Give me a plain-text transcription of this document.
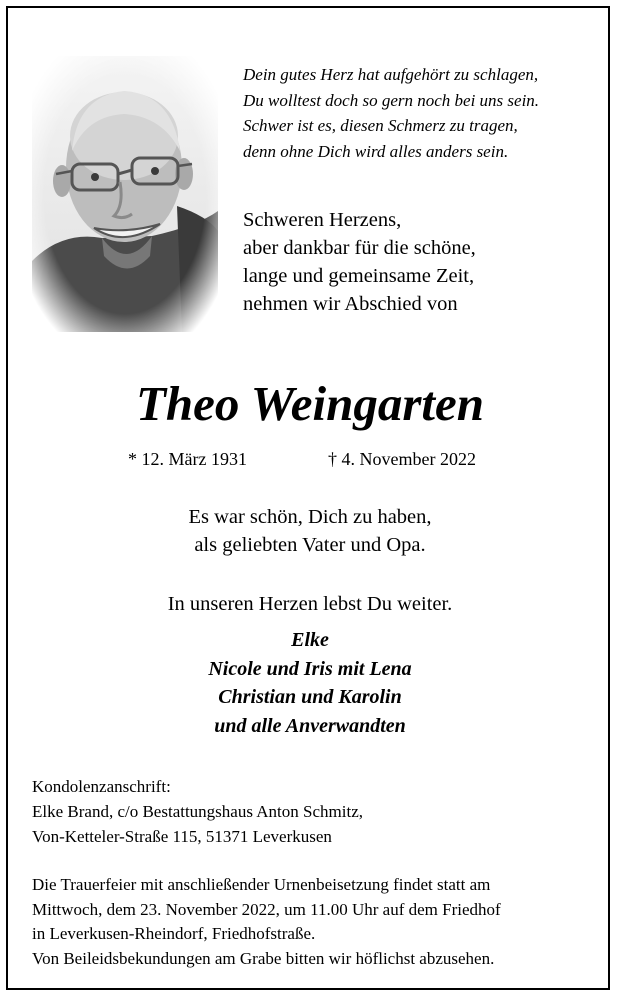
Dein gutes Herz hat aufgehört zu schlagen,
Du wolltest doch so gern noch bei uns sein.
Schwer ist es, diesen Schmerz zu tragen,
denn ohne Dich wird alles anders sein.
Schweren Herzens,
aber dankbar für die schöne,
lange und gemeinsame Zeit,
nehmen wir Abschied von
Theo Weingarten
* 12. März 1931	† 4. November 2022
Es war schön, Dich zu haben,
als geliebten Vater und Opa.
In unseren Herzen lebst Du weiter.
Elke
Nicole und Iris mit Lena
Christian und Karolin
und alle Anverwandten
Kondolenzanschrift:
Elke Brand, c/o Bestattungshaus Anton Schmitz,
Von-Ketteler-Straße 115, 51371 Leverkusen
Die Trauerfeier mit anschließender Urnenbeisetzung findet statt am
Mittwoch, dem 23. November 2022, um 11.00 Uhr auf dem Friedhof
in Leverkusen-Rheindorf, Friedhofstraße.
Von Beileidsbekundungen am Grabe bitten wir höflichst abzusehen.
